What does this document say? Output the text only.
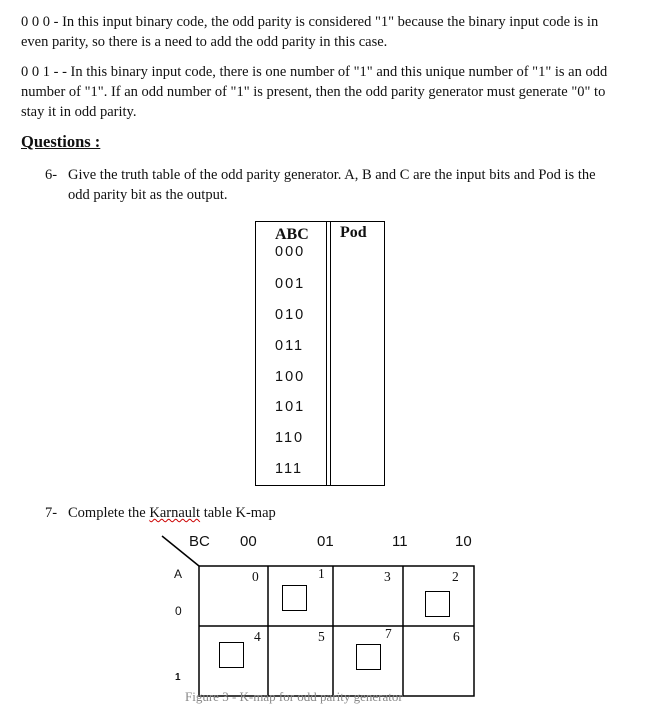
0 0 0 - In this input binary code, the odd parity is considered "1" because the binary input code is in even parity, so there is a need to add the odd parity in this case.

0 0 1 - - In this binary input code, there is one number of "1" and this unique number of "1" is an odd number of "1". If an odd number of "1" is present, then the odd parity generator must generate "0" to stay it in odd parity.

Questions :
6- Give the truth table of the odd parity generator. A, B and C are the input bits and Pod is the odd parity bit as the output.
ABC Pod
000
001
010
011
100
101
110
111
7- Complete the Karnault table K-map
BC 00	01	11	10
A
0
1
0	1	3	2
4	5	7	6
Figure 3 - K-map for odd parity generator
